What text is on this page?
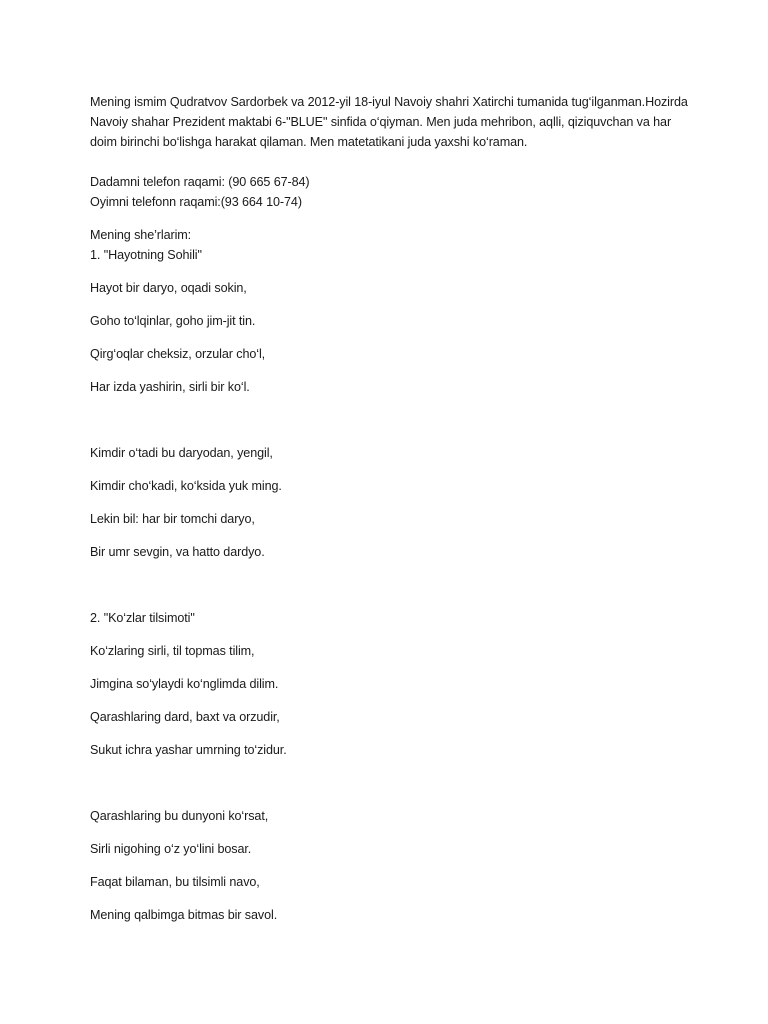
Mening ismim Qudratvov Sardorbek va 2012-yil 18-iyul Navoiy shahri Xatirchi tumanida tug‘ilganman.Hozirda Navoiy shahar Prezident maktabi 6-"BLUE" sinfida o‘qiyman. Men juda mehribon, aqlli, qiziquvchan va har doim birinchi bo‘lishga harakat qilaman. Men matetatikani juda yaxshi ko‘raman.

Dadamni telefon raqami: (90 665 67-84)

Oyimni telefonn raqami:(93 664 10-74)

Mening she’rlarim:

1. "Hayotning Sohili"

Hayot bir daryo, oqadi sokin,

Goho to‘lqinlar, goho jim-jit tin.

Qirg‘oqlar cheksiz, orzular cho‘l,

Har izda yashirin, sirli bir ko‘l.

Kimdir o‘tadi bu daryodan, yengil,

Kimdir cho‘kadi, ko‘ksida yuk ming.

Lekin bil: har bir tomchi daryo,

Bir umr sevgin, va hatto dardyo.

2. "Ko‘zlar tilsimoti"

Ko‘zlaring sirli, til topmas tilim,

Jimgina so‘ylaydi ko‘nglimda dilim.

Qarashlaring dard, baxt va orzudir,

Sukut ichra yashar umrning to‘zidur.

Qarashlaring bu dunyoni ko‘rsat,

Sirli nigohing o‘z yo‘lini bosar.

Faqat bilaman, bu tilsimli navo,

Mening qalbimga bitmas bir savol.
